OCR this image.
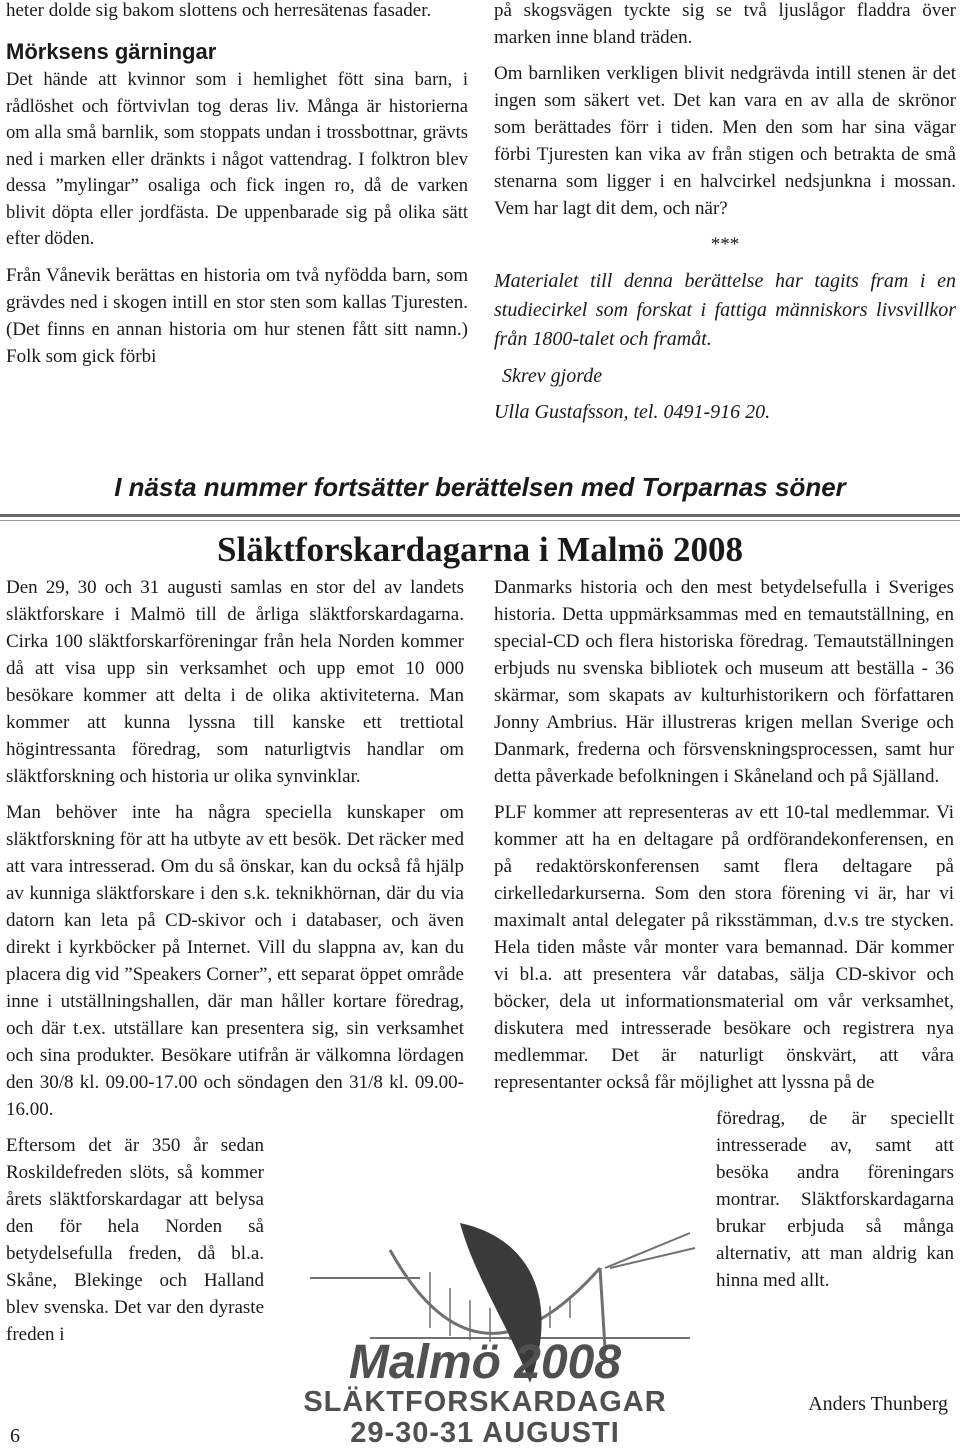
heter dolde sig bakom slottens och herresätenas fasader.

Mörksens gärningar

Det hände att kvinnor som i hemlighet fött sina barn, i rådlöshet och förtvivlan tog deras liv. Många är historierna om alla små barnlik, som stoppats undan i trossbottnar, grävts ned i marken eller dränkts i något vattendrag. I folktron blev dessa ”mylingar” osaliga och fick ingen ro, då de varken blivit döpta eller jordfästa. De uppenbarade sig på olika sätt efter döden.

Från Vånevik berättas en historia om två nyfödda barn, som grävdes ned i skogen intill en stor sten som kallas Tjuresten. (Det finns en annan historia om hur stenen fått sitt namn.) Folk som gick förbi

på skogsvägen tyckte sig se två ljuslågor fladdra över marken inne bland träden.

Om barnliken verkligen blivit nedgrävda intill stenen är det ingen som säkert vet. Det kan vara en av alla de skrönor som berättades förr i tiden. Men den som har sina vägar förbi Tjuresten kan vika av från stigen och betrakta de små stenarna som ligger i en halvcirkel nedsjunkna i mossan. Vem har lagt dit dem, och när?

***

Materialet till denna berättelse har tagits fram i en studiecirkel som forskat i fattiga människors livsvillkor från 1800-talet och framåt.

Skrev gjorde

Ulla Gustafsson, tel. 0491-916 20.

I nästa nummer fortsätter berättelsen med Torparnas söner
Släktforskardagarna i Malmö 2008

Den 29, 30 och 31 augusti samlas en stor del av landets släktforskare i Malmö till de årliga släktforskardagarna. Cirka 100 släktforskarföreningar från hela Norden kommer då att visa upp sin verksamhet och upp emot 10 000 besökare kommer att delta i de olika aktiviteterna. Man kommer att kunna lyssna till kanske ett trettiotal högintressanta föredrag, som naturligtvis handlar om släktforskning och historia ur olika synvinklar.

Man behöver inte ha några speciella kunskaper om släktforskning för att ha utbyte av ett besök. Det räcker med att vara intresserad. Om du så önskar, kan du också få hjälp av kunniga släktforskare i den s.k. teknikhörnan, där du via datorn kan leta på CD-skivor och i databaser, och även direkt i kyrkböcker på Internet. Vill du slappna av, kan du placera dig vid ”Speakers Corner”, ett separat öppet område inne i utställningshallen, där man håller kortare föredrag, och där t.ex. utställare kan presentera sig, sin verksamhet och sina produkter. Besökare utifrån är välkomna lördagen den 30/8 kl. 09.00-17.00 och söndagen den 31/8 kl. 09.00-16.00.

Eftersom det är 350 år sedan Roskildefreden slöts, så kommer årets släktforskardagar att belysa den för hela Norden så betydelsefulla freden, då bl.a. Skåne, Blekinge och Halland blev svenska. Det var den dyraste freden i

Danmarks historia och den mest betydelsefulla i Sveriges historia. Detta uppmärksammas med en temautställning, en special-CD och flera historiska föredrag. Temautställningen erbjuds nu svenska bibliotek och museum att beställa - 36 skärmar, som skapats av kulturhistorikern och författaren Jonny Ambrius. Här illustreras krigen mellan Sverige och Danmark, frederna och försvenskningsprocessen, samt hur detta påverkade befolkningen i Skåneland och på Själland.

PLF kommer att representeras av ett 10-tal medlemmar. Vi kommer att ha en deltagare på ordförandekonferensen, en på redaktörskonferensen samt flera deltagare på cirkelledarkurserna. Som den stora förening vi är, har vi maximalt antal delegater på riksstämman, d.v.s tre stycken. Hela tiden måste vår monter vara bemannad. Där kommer vi bl.a. att presentera vår databas, sälja CD-skivor och böcker, dela ut informationsmaterial om vår verksamhet, diskutera med intresserade besökare och registrera nya medlemmar. Det är naturligt önskvärt, att våra representanter också får möjlighet att lyssna på de

föredrag, de är speciellt intresserade av, samt att besöka andra föreningars montrar. Släktforskardagarna brukar erbjuda så många alternativ, att man aldrig kan hinna med allt.

Malmö 2008
SLÄKTFORSKARDAGAR
29-30-31 AUGUSTI
Anders Thunberg
6
